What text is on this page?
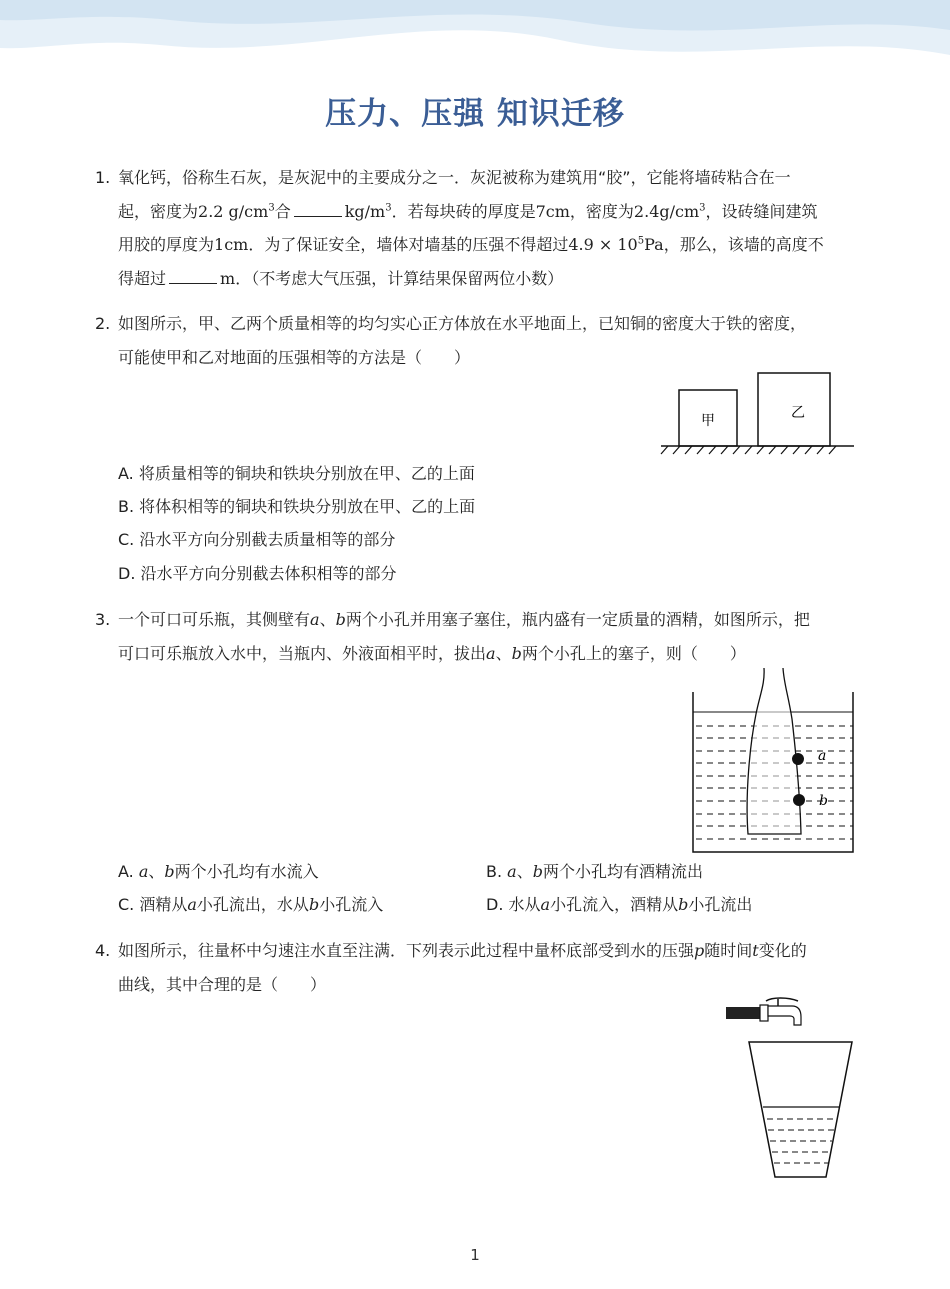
压力、压强 知识迁移
1. 氧化钙，俗称生石灰，是灰泥中的主要成分之一．灰泥被称为建筑用“胶”，它能将墙砖粘合在一
起，密度为2.2 $g/cm^3$合	$kg/m^3$．若每块砖的厚度是7cm，密度为$2.4g/cm^3$，设砖缝间建筑
用胶的厚度为1cm．为了保证安全，墙体对墙基的压强不得超过$4.9 \times 10^5Pa$，那么，该墙的高度不
得超过	m．（不考虑大气压强，计算结果保留两位小数）
2. 如图所示，甲、乙两个质量相等的均匀实心正方体放在水平地面上，已知铜的密度大于铁的密度，
可能使甲和乙对地面的压强相等的方法是（　　）
甲	乙
A. 将质量相等的铜块和铁块分别放在甲、乙的上面
B. 将体积相等的铜块和铁块分别放在甲、乙的上面
C. 沿水平方向分别截去质量相等的部分
D. 沿水平方向分别截去体积相等的部分
3. 一个可口可乐瓶，其侧壁有a、b两个小孔并用塞子塞住，瓶内盛有一定质量的酒精，如图所示，把
可口可乐瓶放入水中，当瓶内、外液面相平时，拔出a、b两个小孔上的塞子，则（　　）
a
b
A. a、b两个小孔均有水流入	B. a、b两个小孔均有酒精流出
C. 酒精从a小孔流出，水从b小孔流入	D. 水从a小孔流入，酒精从b小孔流出
4. 如图所示，往量杯中匀速注水直至注满．下列表示此过程中量杯底部受到水的压强p随时间t变化的
曲线，其中合理的是（　　）
1
